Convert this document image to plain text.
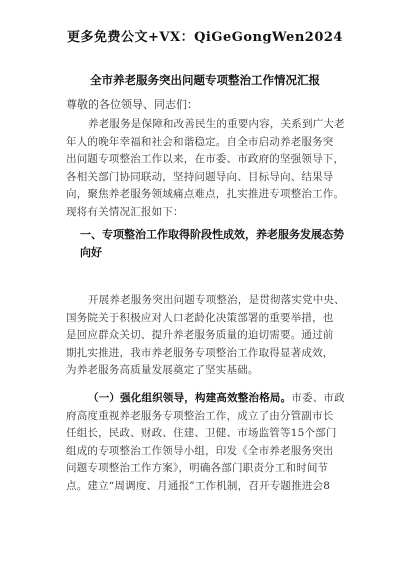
更多免费公文+VX：QiGeGongWen2024
全市养老服务突出问题专项整治工作情况汇报
尊敬的各位领导、同志们：
养老服务是保障和改善民生的重要内容，关系到广大老
年人的晚年幸福和社会和谐稳定。自全市启动养老服务突
出问题专项整治工作以来，在市委、市政府的坚强领导下，
各相关部门协同联动，坚持问题导向、目标导向、结果导
向，聚焦养老服务领域痛点难点，扎实推进专项整治工作。
现将有关情况汇报如下：
一、专项整治工作取得阶段性成效，养老服务发展态势
向好
开展养老服务突出问题专项整治，是贯彻落实党中央、
国务院关于积极应对人口老龄化决策部署的重要举措，也
是回应群众关切、提升养老服务质量的迫切需要。通过前
期扎实推进，我市养老服务专项整治工作取得显著成效，
为养老服务高质量发展奠定了坚实基础。
（一）强化组织领导，构建高效整治格局。市委、市政
府高度重视养老服务专项整治工作，成立了由分管副市长
任组长，民政、财政、住建、卫健、市场监管等15个部门
组成的专项整治工作领导小组，印发《全市养老服务突出
问题专项整治工作方案》，明确各部门职责分工和时间节
点。建立“周调度、月通报”工作机制，召开专题推进会8
